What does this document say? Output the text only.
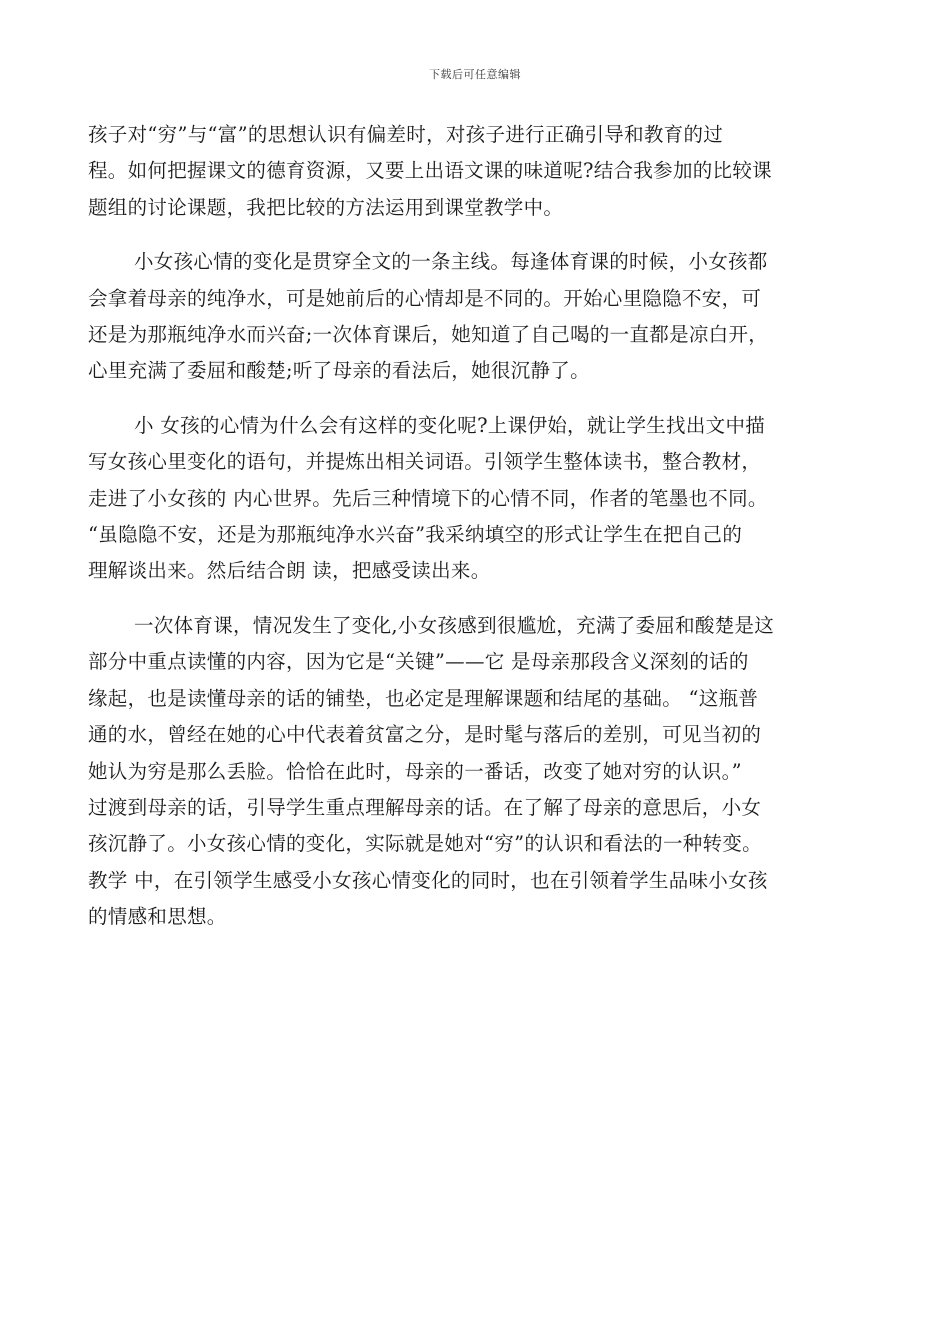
下载后可任意编辑
孩子对“穷”与“富”的思想认识有偏差时，对孩子进行正确引导和教育的过
程。如何把握课文的德育资源，又要上出语文课的味道呢?结合我参加的比较课
题组的讨论课题，我把比较的方法运用到课堂教学中。
小女孩心情的变化是贯穿全文的一条主线。每逢体育课的时候，小女孩都
会拿着母亲的纯净水，可是她前后的心情却是不同的。开始心里隐隐不安，可
还是为那瓶纯净水而兴奋;一次体育课后，她知道了自己喝的一直都是凉白开，
心里充满了委屈和酸楚;听了母亲的看法后，她很沉静了。
小 女孩的心情为什么会有这样的变化呢?上课伊始，就让学生找出文中描
写女孩心里变化的语句，并提炼出相关词语。引领学生整体读书，整合教材，
走进了小女孩的 内心世界。先后三种情境下的心情不同，作者的笔墨也不同。
“虽隐隐不安，还是为那瓶纯净水兴奋”我采纳填空的形式让学生在把自己的
理解谈出来。然后结合朗 读，把感受读出来。
一次体育课，情况发生了变化,小女孩感到很尴尬，充满了委屈和酸楚是这
部分中重点读懂的内容，因为它是“关键”——它 是母亲那段含义深刻的话的
缘起，也是读懂母亲的话的铺垫，也必定是理解课题和结尾的基础。 “这瓶普
通的水，曾经在她的心中代表着贫富之分，是时髦与落后的差别，可见当初的
她认为穷是那么丢脸。恰恰在此时，母亲的一番话，改变了她对穷的认识。”
过渡到母亲的话，引导学生重点理解母亲的话。在了解了母亲的意思后，小女
孩沉静了。小女孩心情的变化，实际就是她对“穷”的认识和看法的一种转变。
教学 中，在引领学生感受小女孩心情变化的同时，也在引领着学生品味小女孩
的情感和思想。
